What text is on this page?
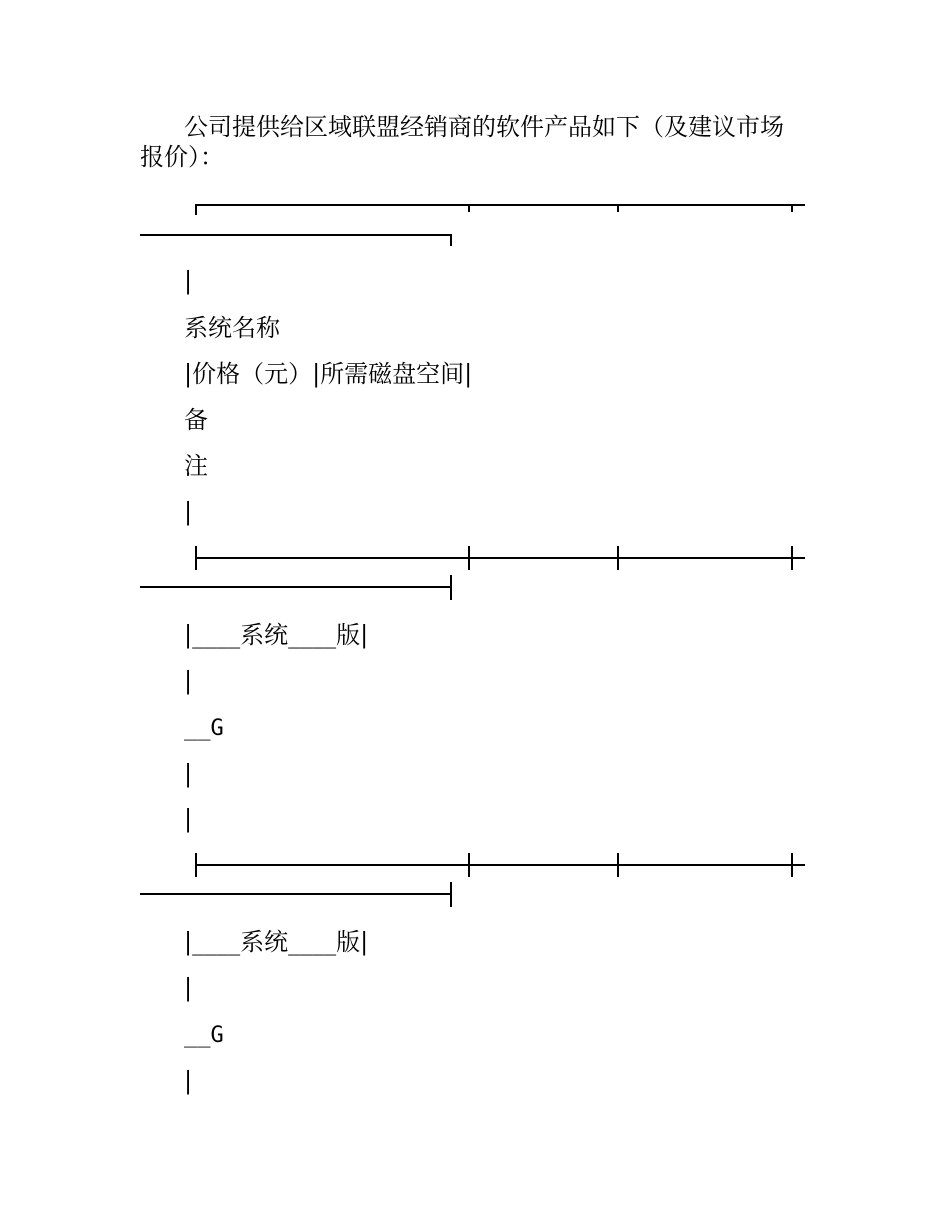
公司提供给区域联盟经销商的软件产品如下（及建议市场
报价）：
|
系统名称
|价格（元）|所需磁盘空间|
备
注
|
|____系统____版|
|
__G
|
|
|____系统____版|
|
__G
|
